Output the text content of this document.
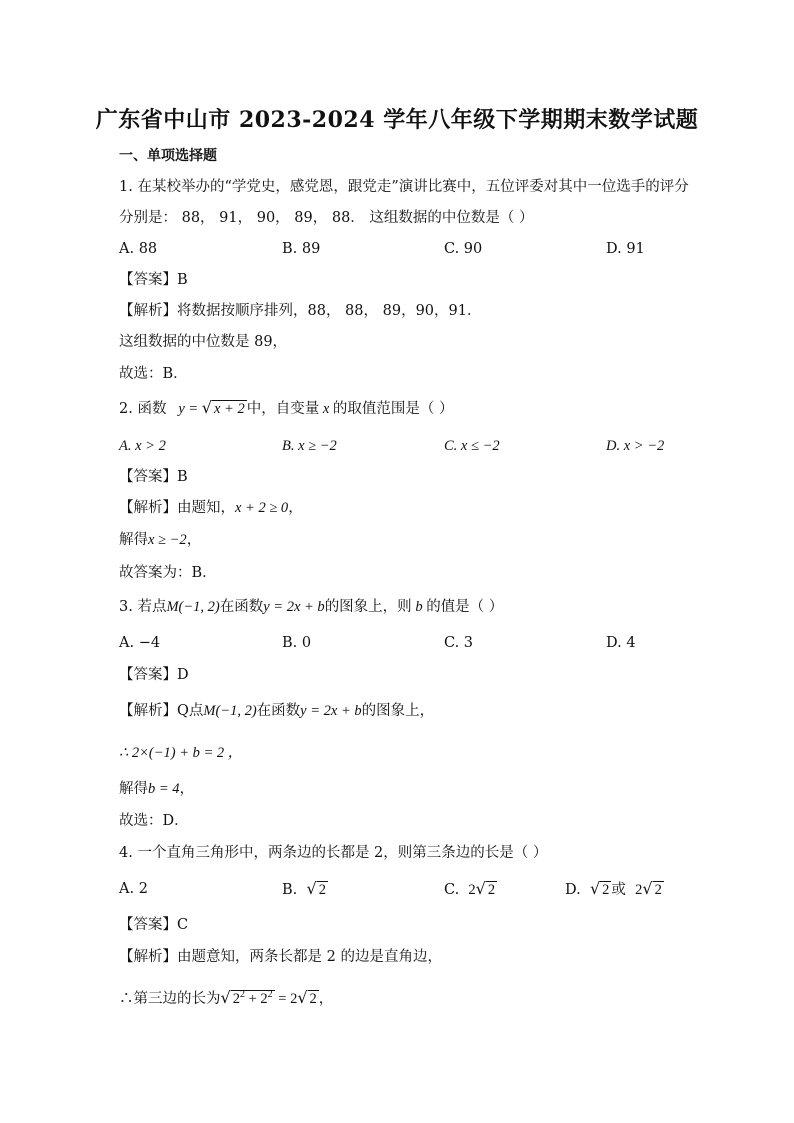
广东省中山市 2023-2024 学年八年级下学期期末数学试题
一、单项选择题
1. 在某校举办的“学党史，感党恩，跟党走”演讲比赛中，五位评委对其中一位选手的评分
分别是： 88， 91， 90， 89， 88． 这组数据的中位数是（ ）
A. 88	B. 89	C. 90	D. 91
【答案】B
【解析】将数据按顺序排列，88， 88， 89，90，91．
这组数据的中位数是 89，
故选：B．
2. 函数   y = √ x + 2 中，自变量 x 的取值范围是（ ）
A. x > 2	B. x ≥ −2	C. x ≤ −2	D. x > −2
【答案】B
【解析】由题知，x + 2 ≥ 0，
解得x ≥ −2，
故答案为：B．
3. 若点M(−1, 2)在函数y = 2x + b的图象上，则 b 的值是（ ）
A. −4	B. 0	C. 3	D. 4
【答案】D
【解析】Q点M(−1, 2)在函数y = 2x + b的图象上，
∴ 2×(−1) + b = 2 ，
解得b = 4，
故选：D．
4. 一个直角三角形中，两条边的长都是 2，则第三条边的长是（ ）
A. 2	B. √ 2	C. 2√ 2	D. √ 2 或 2√ 2
【答案】C
【解析】由题意知，两条长都是 2 的边是直角边，
∴第三边的长为√ $2^2 + 2^2 = 2√$ 2 ，
